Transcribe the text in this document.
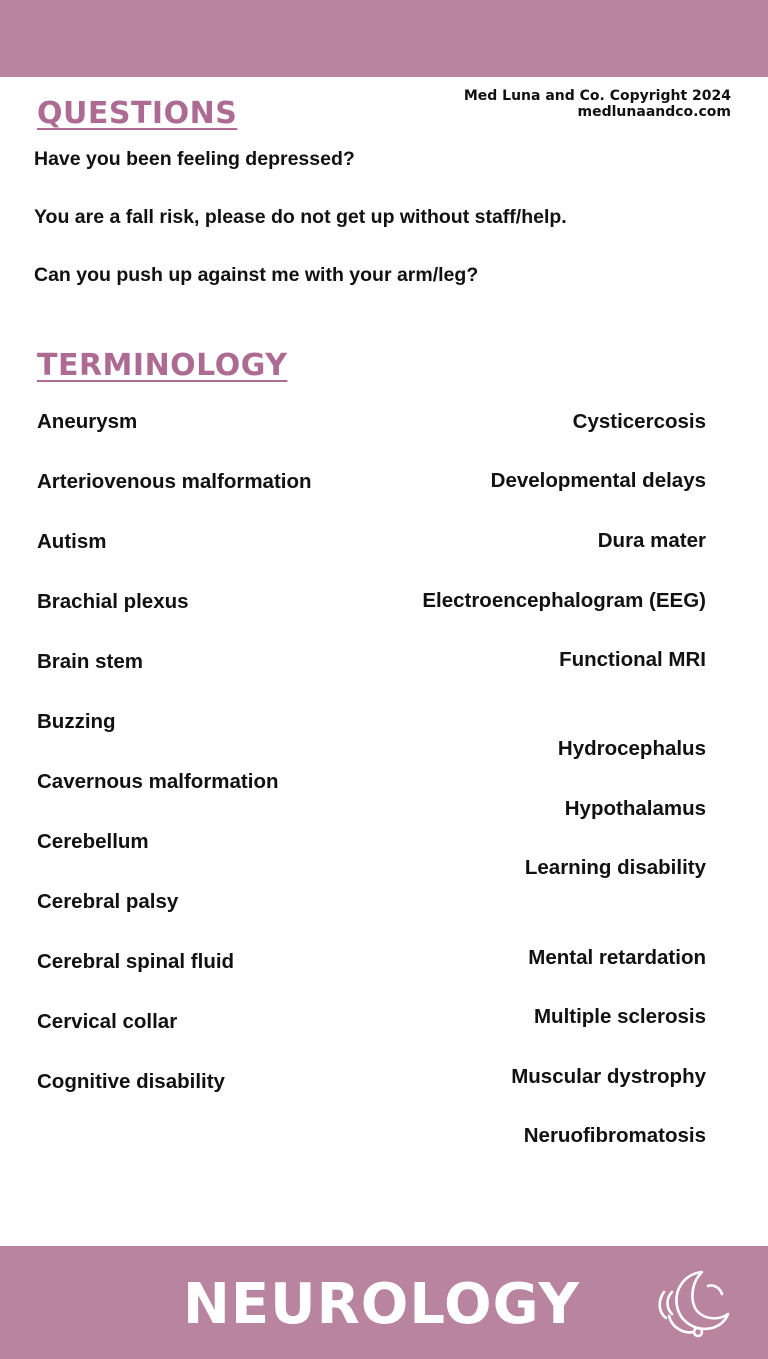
Med Luna and Co. Copyright 2024
medlunaandco.com
QUESTIONS

Have you been feeling depressed?

You are a fall risk, please do not get up without staff/help.

Can you push up against me with your arm/leg?

TERMINOLOGY

Aneurysm

Arteriovenous malformation

Autism

Brachial plexus

Brain stem

Buzzing

Cavernous malformation

Cerebellum

Cerebral palsy

Cerebral spinal fluid

Cervical collar

Cognitive disability

Cysticercosis

Developmental delays

Dura mater

Electroencephalogram (EEG)

Functional MRI

Hydrocephalus

Hypothalamus

Learning disability

Mental retardation

Multiple sclerosis

Muscular dystrophy

Neruofibromatosis

NEUROLOGY
